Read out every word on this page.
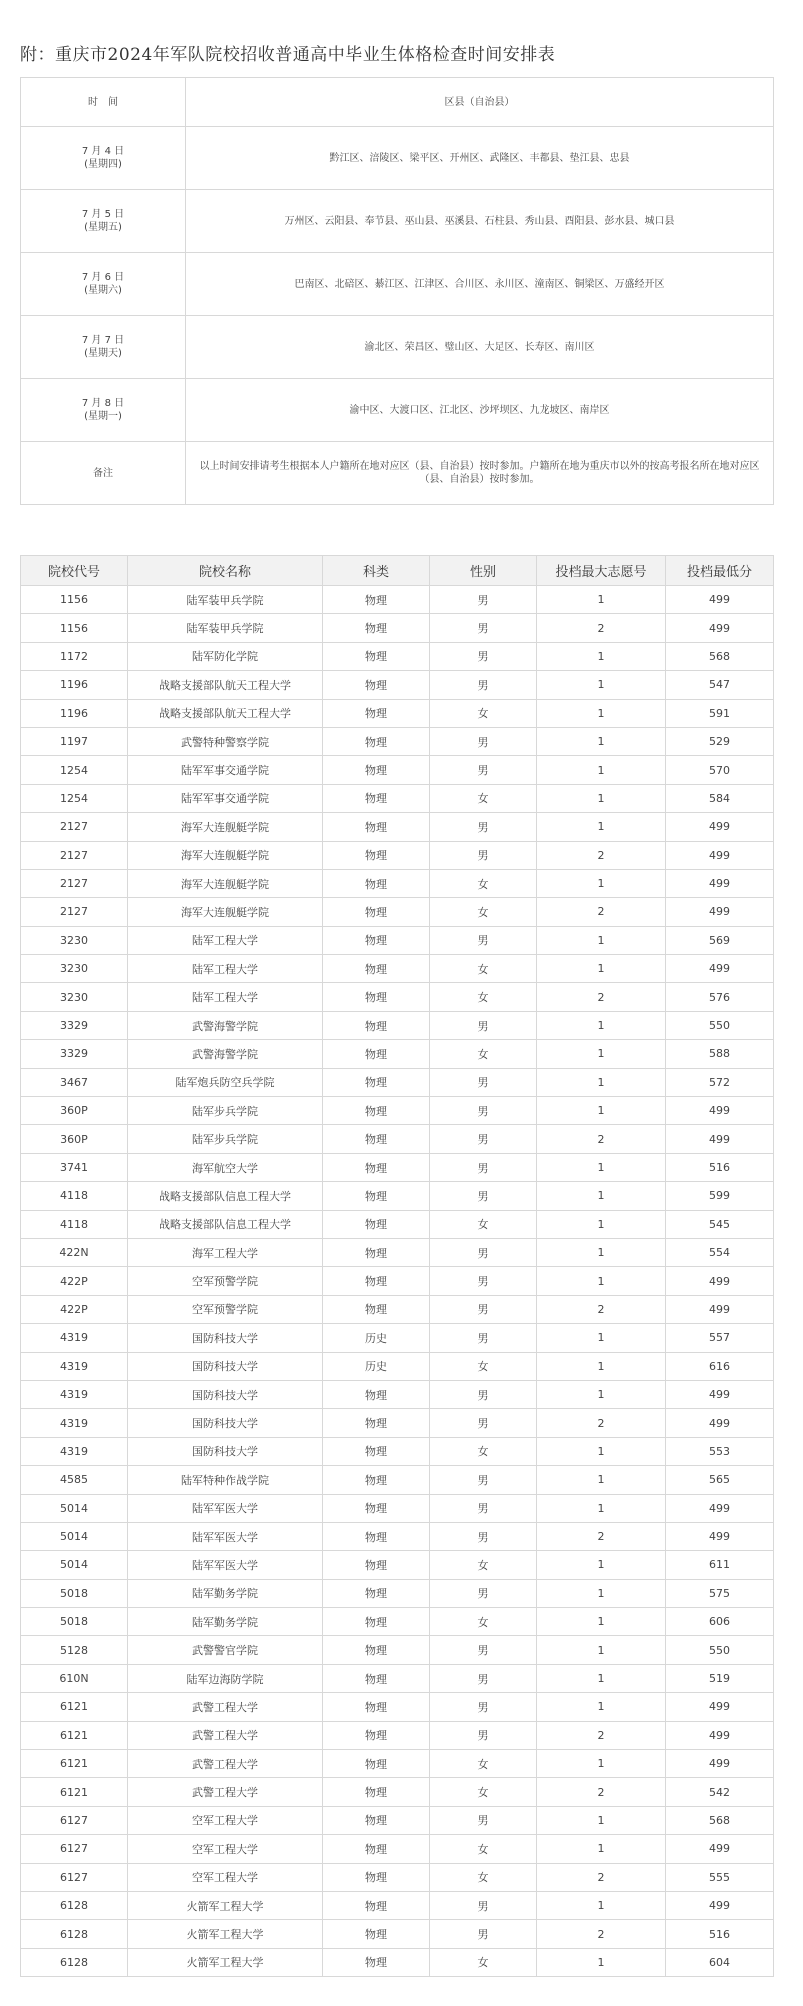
附：重庆市2024年军队院校招收普通高中毕业生体格检查时间安排表
时　间	区县（自治县）

7 月 4 日
(星期四)	黔江区、涪陵区、梁平区、开州区、武隆区、丰都县、垫江县、忠县

7 月 5 日
(星期五)	万州区、云阳县、奉节县、巫山县、巫溪县、石柱县、秀山县、酉阳县、彭水县、城口县

7 月 6 日
(星期六)	巴南区、北碚区、綦江区、江津区、合川区、永川区、潼南区、铜梁区、万盛经开区

7 月 7 日
(星期天)	渝北区、荣昌区、璧山区、大足区、长寿区、南川区

7 月 8 日
(星期一)	渝中区、大渡口区、江北区、沙坪坝区、九龙坡区、南岸区
备注	以上时间安排请考生根据本人户籍所在地对应区（县、自治县）按时参加。户籍所在地为重庆市以外的按高考报名所在地对应区（县、自治县）按时参加。
院校代号	院校名称	科类	性别	投档最大志愿号	投档最低分
1156	陆军装甲兵学院	物理	男	1	499
1156	陆军装甲兵学院	物理	男	2	499
1172	陆军防化学院	物理	男	1	568
1196	战略支援部队航天工程大学	物理	男	1	547
1196	战略支援部队航天工程大学	物理	女	1	591
1197	武警特种警察学院	物理	男	1	529
1254	陆军军事交通学院	物理	男	1	570
1254	陆军军事交通学院	物理	女	1	584
2127	海军大连舰艇学院	物理	男	1	499
2127	海军大连舰艇学院	物理	男	2	499
2127	海军大连舰艇学院	物理	女	1	499
2127	海军大连舰艇学院	物理	女	2	499
3230	陆军工程大学	物理	男	1	569
3230	陆军工程大学	物理	女	1	499
3230	陆军工程大学	物理	女	2	576
3329	武警海警学院	物理	男	1	550
3329	武警海警学院	物理	女	1	588
3467	陆军炮兵防空兵学院	物理	男	1	572
360P	陆军步兵学院	物理	男	1	499
360P	陆军步兵学院	物理	男	2	499
3741	海军航空大学	物理	男	1	516
4118	战略支援部队信息工程大学	物理	男	1	599
4118	战略支援部队信息工程大学	物理	女	1	545
422N	海军工程大学	物理	男	1	554
422P	空军预警学院	物理	男	1	499
422P	空军预警学院	物理	男	2	499
4319	国防科技大学	历史	男	1	557
4319	国防科技大学	历史	女	1	616
4319	国防科技大学	物理	男	1	499
4319	国防科技大学	物理	男	2	499
4319	国防科技大学	物理	女	1	553
4585	陆军特种作战学院	物理	男	1	565
5014	陆军军医大学	物理	男	1	499
5014	陆军军医大学	物理	男	2	499
5014	陆军军医大学	物理	女	1	611
5018	陆军勤务学院	物理	男	1	575
5018	陆军勤务学院	物理	女	1	606
5128	武警警官学院	物理	男	1	550
610N	陆军边海防学院	物理	男	1	519
6121	武警工程大学	物理	男	1	499
6121	武警工程大学	物理	男	2	499
6121	武警工程大学	物理	女	1	499
6121	武警工程大学	物理	女	2	542
6127	空军工程大学	物理	男	1	568
6127	空军工程大学	物理	女	1	499
6127	空军工程大学	物理	女	2	555
6128	火箭军工程大学	物理	男	1	499
6128	火箭军工程大学	物理	男	2	516
6128	火箭军工程大学	物理	女	1	604
